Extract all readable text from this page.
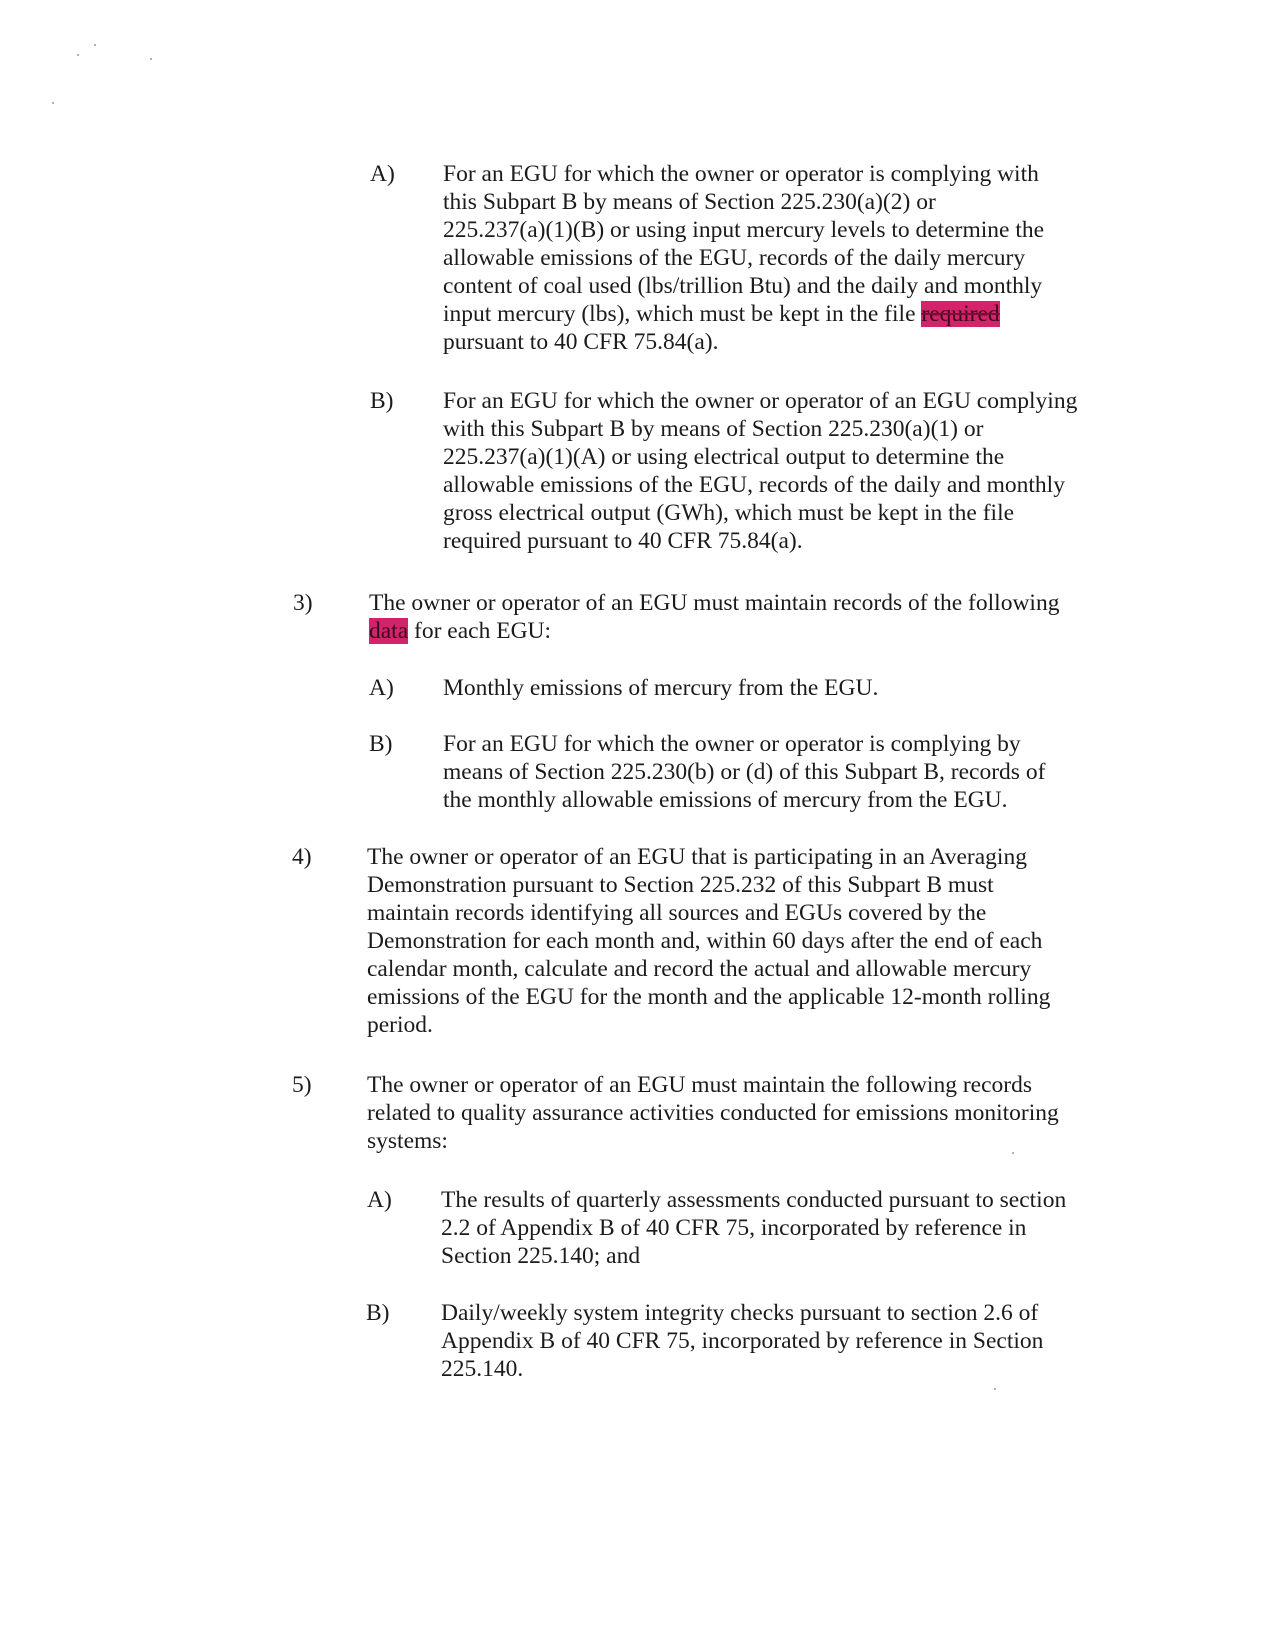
A) For an EGU for which the owner or operator is complying with
this Subpart B by means of Section 225.230(a)(2) or
225.237(a)(1)(B) or using input mercury levels to determine the
allowable emissions of the EGU, records of the daily mercury
content of coal used (lbs/trillion Btu) and the daily and monthly
input mercury (lbs), which must be kept in the file required
pursuant to 40 CFR 75.84(a).
B) For an EGU for which the owner or operator of an EGU complying
with this Subpart B by means of Section 225.230(a)(1) or
225.237(a)(1)(A) or using electrical output to determine the
allowable emissions of the EGU, records of the daily and monthly
gross electrical output (GWh), which must be kept in the file
required pursuant to 40 CFR 75.84(a).
3) The owner or operator of an EGU must maintain records of the following
data for each EGU:
A) Monthly emissions of mercury from the EGU.
B) For an EGU for which the owner or operator is complying by
means of Section 225.230(b) or (d) of this Subpart B, records of
the monthly allowable emissions of mercury from the EGU.
4) The owner or operator of an EGU that is participating in an Averaging
Demonstration pursuant to Section 225.232 of this Subpart B must
maintain records identifying all sources and EGUs covered by the
Demonstration for each month and, within 60 days after the end of each
calendar month, calculate and record the actual and allowable mercury
emissions of the EGU for the month and the applicable 12-month rolling
period.
5) The owner or operator of an EGU must maintain the following records
related to quality assurance activities conducted for emissions monitoring
systems:
A) The results of quarterly assessments conducted pursuant to section
2.2 of Appendix B of 40 CFR 75, incorporated by reference in
Section 225.140; and
B) Daily/weekly system integrity checks pursuant to section 2.6 of
Appendix B of 40 CFR 75, incorporated by reference in Section
225.140.
